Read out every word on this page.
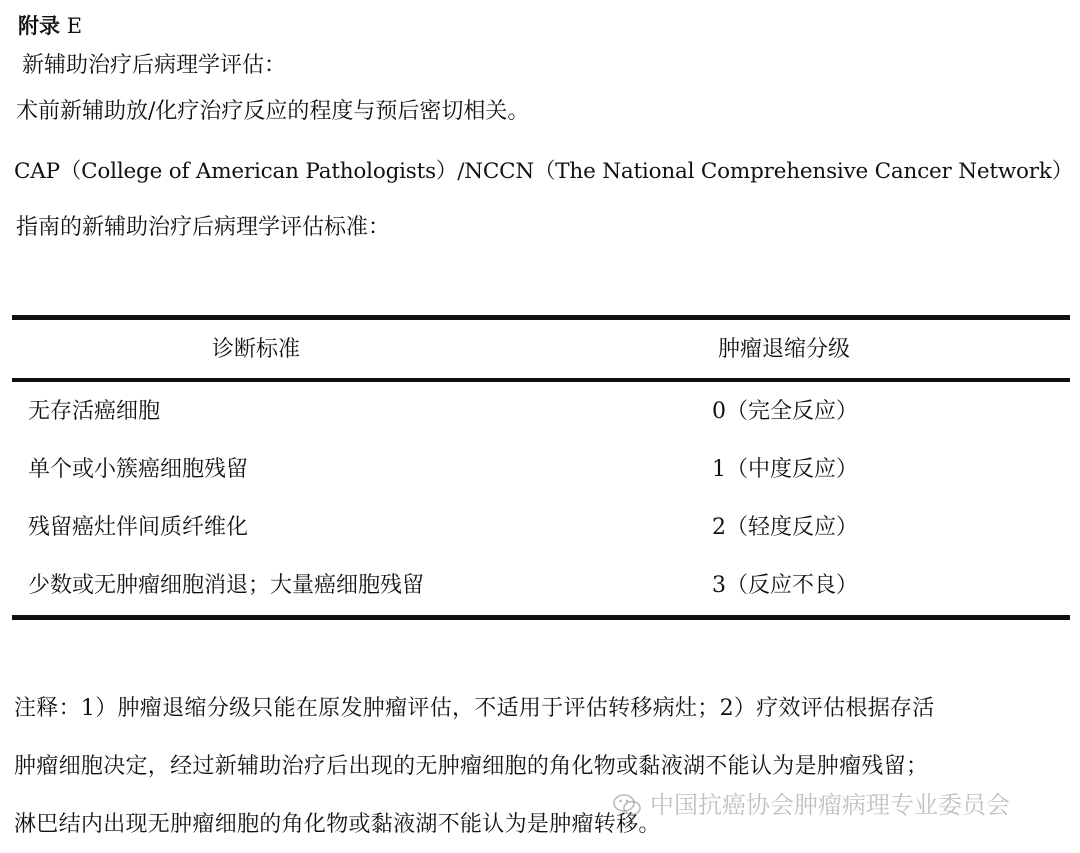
附录 E
新辅助治疗后病理学评估：
术前新辅助放/化疗治疗反应的程度与预后密切相关。
CAP（College of American Pathologists）/NCCN（The National Comprehensive Cancer Network）
指南的新辅助治疗后病理学评估标准：
诊断标准	肿瘤退缩分级
无存活癌细胞	0（完全反应）
单个或小簇癌细胞残留	1（中度反应）
残留癌灶伴间质纤维化	2（轻度反应）
少数或无肿瘤细胞消退；大量癌细胞残留	3（反应不良）
注释：1）肿瘤退缩分级只能在原发肿瘤评估，不适用于评估转移病灶；2）疗效评估根据存活
肿瘤细胞决定，经过新辅助治疗后出现的无肿瘤细胞的角化物或黏液湖不能认为是肿瘤残留；
淋巴结内出现无肿瘤细胞的角化物或黏液湖不能认为是肿瘤转移。
中国抗癌协会肿瘤病理专业委员会
